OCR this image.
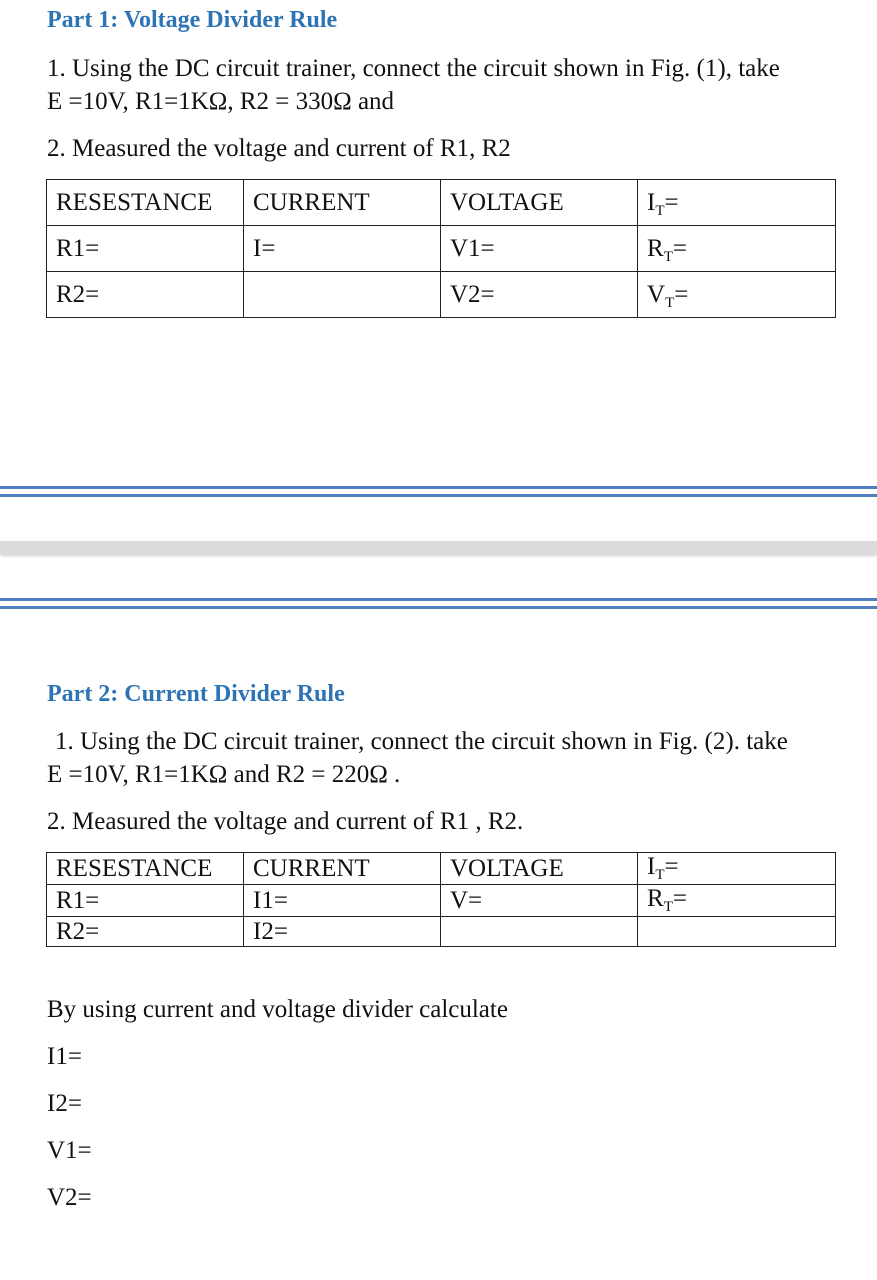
Part 1: Voltage Divider Rule

1. Using the DC circuit trainer, connect the circuit shown in Fig. (1), take

E =10V, R1=1KΩ, R2 = 330Ω and

2. Measured the voltage and current of R1, R2

RESESTANCE	CURRENT	VOLTAGE	$I_T=$
R1=	I=	V1=	$R_T=$
R2=		V2=	$V_T=$
Part 2: Current Divider Rule

1. Using the DC circuit trainer, connect the circuit shown in Fig. (2). take

E =10V, R1=1KΩ and R2 = 220Ω .

2. Measured the voltage and current of R1 , R2.

RESESTANCE	CURRENT	VOLTAGE	$I_T=$
R1=	I1=	V=	$R_T=$
R2=	I2=		

By using current and voltage divider calculate

I1=

I2=

V1=

V2=
